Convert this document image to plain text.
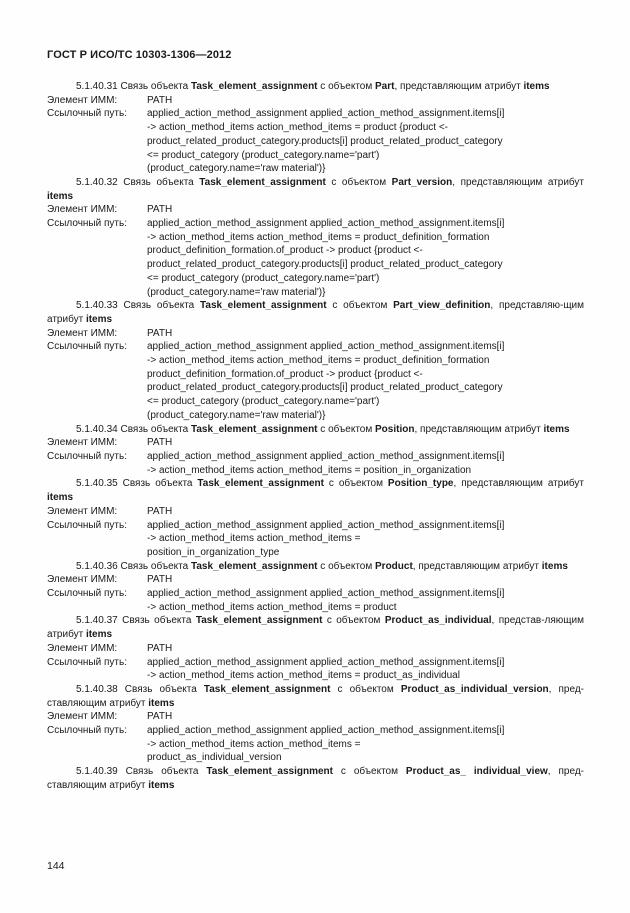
ГОСТ Р ИСО/ТС 10303-1306—2012
5.1.40.31 Связь объекта Task_element_assignment с объектом Part, представляющим атрибут items
Элемент ИММ:	PATH
Ссылочный путь:	applied_action_method_assignment applied_action_method_assignment.items[i]
-> action_method_items action_method_items = product {product <-
product_related_product_category.products[i] product_related_product_category
<= product_category (product_category.name='part')
(product_category.name='raw material')}
5.1.40.32 Связь объекта Task_element_assignment с объектом Part_version, представляющим атрибут items
Элемент ИММ:	PATH
Ссылочный путь:	applied_action_method_assignment applied_action_method_assignment.items[i]
-> action_method_items action_method_items = product_definition_formation
product_definition_formation.of_product -> product {product <-
product_related_product_category.products[i] product_related_product_category
<= product_category (product_category.name='part')
(product_category.name='raw material')}
5.1.40.33 Связь объекта Task_element_assignment с объектом Part_view_definition, представляю-щим атрибут items
Элемент ИММ:	PATH
Ссылочный путь:	applied_action_method_assignment applied_action_method_assignment.items[i]
-> action_method_items action_method_items = product_definition_formation
product_definition_formation.of_product -> product {product <-
product_related_product_category.products[i] product_related_product_category
<= product_category (product_category.name='part')
(product_category.name='raw material')}
5.1.40.34 Связь объекта Task_element_assignment с объектом Position, представляющим атрибут items
Элемент ИММ:	PATH
Ссылочный путь:	applied_action_method_assignment applied_action_method_assignment.items[i]
-> action_method_items action_method_items = position_in_organization
5.1.40.35 Связь объекта Task_element_assignment с объектом Position_type, представляющим атрибут items
Элемент ИММ:	PATH
Ссылочный путь:	applied_action_method_assignment applied_action_method_assignment.items[i]
-> action_method_items action_method_items =
position_in_organization_type
5.1.40.36 Связь объекта Task_element_assignment с объектом Product, представляющим атрибут items
Элемент ИММ:	PATH
Ссылочный путь:	applied_action_method_assignment applied_action_method_assignment.items[i]
-> action_method_items action_method_items = product
5.1.40.37 Связь объекта Task_element_assignment с объектом Product_as_individual, представ-ляющим атрибут items
Элемент ИММ:	PATH
Ссылочный путь:	applied_action_method_assignment applied_action_method_assignment.items[i]
-> action_method_items action_method_items = product_as_individual
5.1.40.38 Связь объекта Task_element_assignment с объектом Product_as_individual_version, пред-ставляющим атрибут items
Элемент ИММ:	PATH
Ссылочный путь:	applied_action_method_assignment applied_action_method_assignment.items[i]
-> action_method_items action_method_items =
product_as_individual_version
5.1.40.39 Связь объекта Task_element_assignment с объектом Product_as_ individual_view, пред-ставляющим атрибут items
144
